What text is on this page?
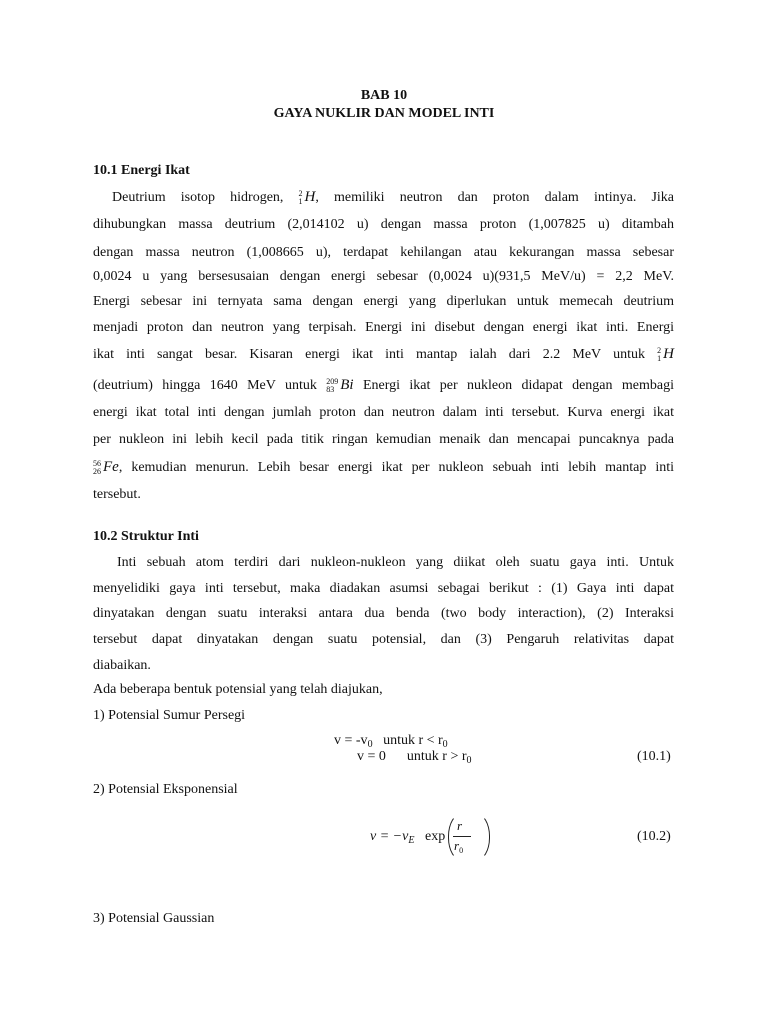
BAB 10
GAYA NUKLIR DAN MODEL INTI
10.1 Energi Ikat
Deutrium isotop hidrogen, 2
1 H, memiliki neutron dan proton dalam intinya. Jika
dihubungkan massa deutrium (2,014102 u) dengan massa proton (1,007825 u) ditambah
dengan massa neutron (1,008665 u), terdapat kehilangan atau kekurangan massa sebesar
0,0024 u yang bersesusaian dengan energi sebesar (0,0024 u)(931,5 MeV/u) = 2,2 MeV.
Energi sebesar ini ternyata sama dengan energi yang diperlukan untuk memecah deutrium
menjadi proton dan neutron yang terpisah. Energi ini disebut dengan energi ikat inti. Energi
ikat inti sangat besar. Kisaran energi ikat inti mantap ialah dari 2.2 MeV untuk 2
1 H
(deutrium) hingga 1640 MeV untuk 209
83 Bi Energi ikat per nukleon didapat dengan membagi
energi ikat total inti dengan jumlah proton dan neutron dalam inti tersebut. Kurva energi ikat
per nukleon ini lebih kecil pada titik ringan kemudian menaik dan mencapai puncaknya pada
56
26 Fe, kemudian menurun. Lebih besar energi ikat per nukleon sebuah inti lebih mantap inti
tersebut.
10.2 Struktur Inti
Inti sebuah atom terdiri dari nukleon-nukleon yang diikat oleh suatu gaya inti. Untuk
menyelidiki gaya inti tersebut, maka diadakan asumsi sebagai berikut : (1) Gaya inti dapat
dinyatakan dengan suatu interaksi antara dua benda (two body interaction), (2) Interaksi
tersebut dapat dinyatakan dengan suatu potensial, dan (3) Pengaruh relativitas dapat
diabaikan.
Ada beberapa bentuk potensial yang telah diajukan,
1) Potensial Sumur Persegi
$v = -v_0$ untuk $r < r_0$
v = 0 untuk $r > r_0$	(10.1)
2) Potensial Eksponensial
$v = -v_E$ exp
r
$r_0$
(10.2)
3) Potensial Gaussian
